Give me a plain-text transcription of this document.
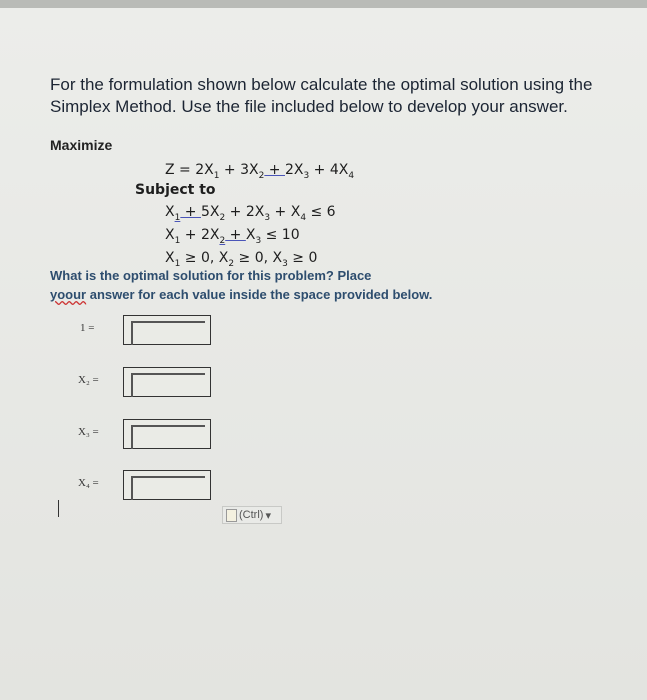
For the formulation shown below calculate the optimal solution using the
Simplex Method. Use the file included below to develop your answer.
Maximize
$Z = 2X_1 + 3X_2 + 2X_3 + 4X_4$
Subject to
$X_1 + 5X_2 + 2X_3 + X_4 \le 6$
$X_1 + 2X_2 + X_3 \le 10$
$X_1 \ge 0$, $X_2 \ge 0$, $X_3 \ge 0$
What is the optimal solution for this problem? Place
yoour answer for each value inside the space provided below.
1 =
X₂ =
X₃ =
X₄ =
(Ctrl) ▾
